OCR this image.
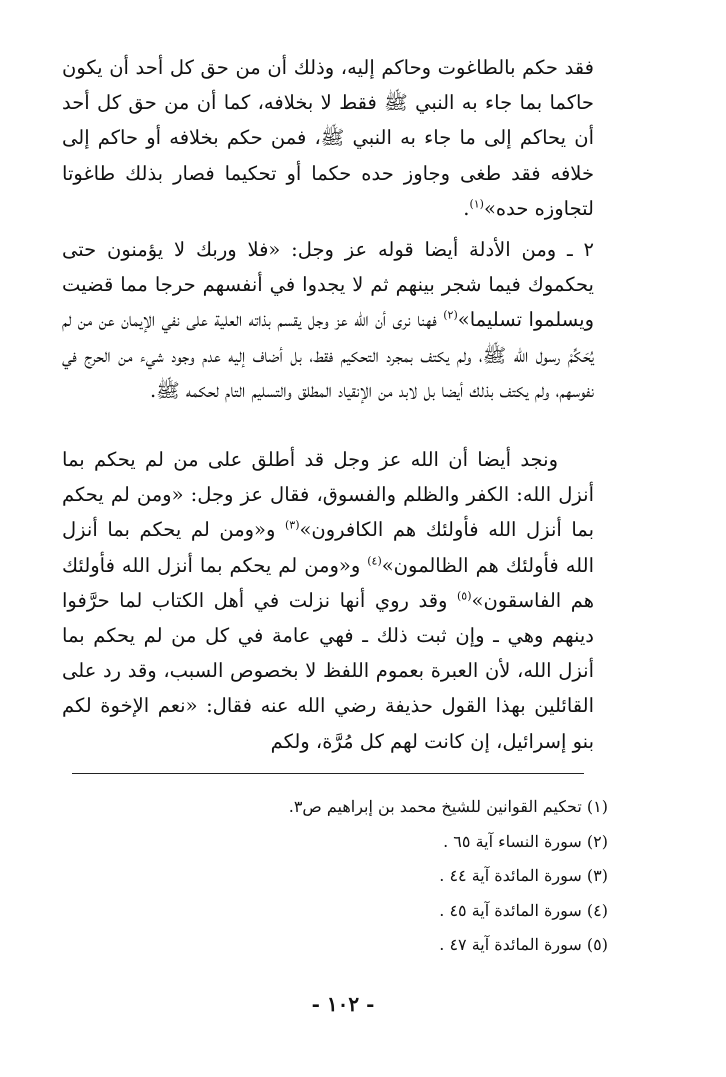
فقد حكم بالطاغوت وحاكم إليه، وذلك أن من حق كل أحد أن يكون حاكما بما جاء به النبي ﷺ فقط لا بخلافه، كما أن من حق كل أحد أن يحاكم إلى ما جاء به النبي ﷺ، فمن حكم بخلافه أو حاكم إلى خلافه فقد طغى وجاوز حده حكما أو تحكيما فصار بذلك طاغوتا لتجاوزه حده»$^{(١)}$.

٢ ـ ومن الأدلة أيضا قوله عز وجل: «فلا وربك لا يؤمنون حتى يحكموك فيما شجر بينهم ثم لا يجدوا في أنفسهم حرجا مما قضيت ويسلموا تسليما»$^{(٢)}$ فهنا نرى أن الله عز وجل يقسم بذاته العلية على نفي الإيمان عن من لم يُحَكِّمْ رسول الله ﷺ، ولم يكتف بمجرد التحكيم فقط، بل أضاف إليه عدم وجود شيء من الحرج في نفوسهم، ولم يكتف بذلك أيضا بل لابد من الإنقياد المطلق والتسليم التام لحكمه ﷺ.

ونجد أيضا أن الله عز وجل قد أطلق على من لم يحكم بما أنزل الله: الكفر والظلم والفسوق، فقال عز وجل: «ومن لم يحكم بما أنزل الله فأولئك هم الكافرون»$^{(٣)}$ و«ومن لم يحكم بما أنزل الله فأولئك هم الظالمون»$^{(٤)}$ و«ومن لم يحكم بما أنزل الله فأولئك هم الفاسقون»$^{(٥)}$ وقد روي أنها نزلت في أهل الكتاب لما حرَّفوا دينهم وهي ـ وإن ثبت ذلك ـ فهي عامة في كل من لم يحكم بما أنزل الله، لأن العبرة بعموم اللفظ لا بخصوص السبب، وقد رد على القائلين بهذا القول حذيفة رضي الله عنه فقال: «نعم الإخوة لكم بنو إسرائيل، إن كانت لهم كل مُرَّة، ولكم

(١) تحكيم القوانين للشيخ محمد بن إبراهيم ص٣.
(٢) سورة النساء آية ٦٥ .
(٣) سورة المائدة آية ٤٤ .
(٤) سورة المائدة آية ٤٥ .
(٥) سورة المائدة آية ٤٧ .
- ١٠٢ -
